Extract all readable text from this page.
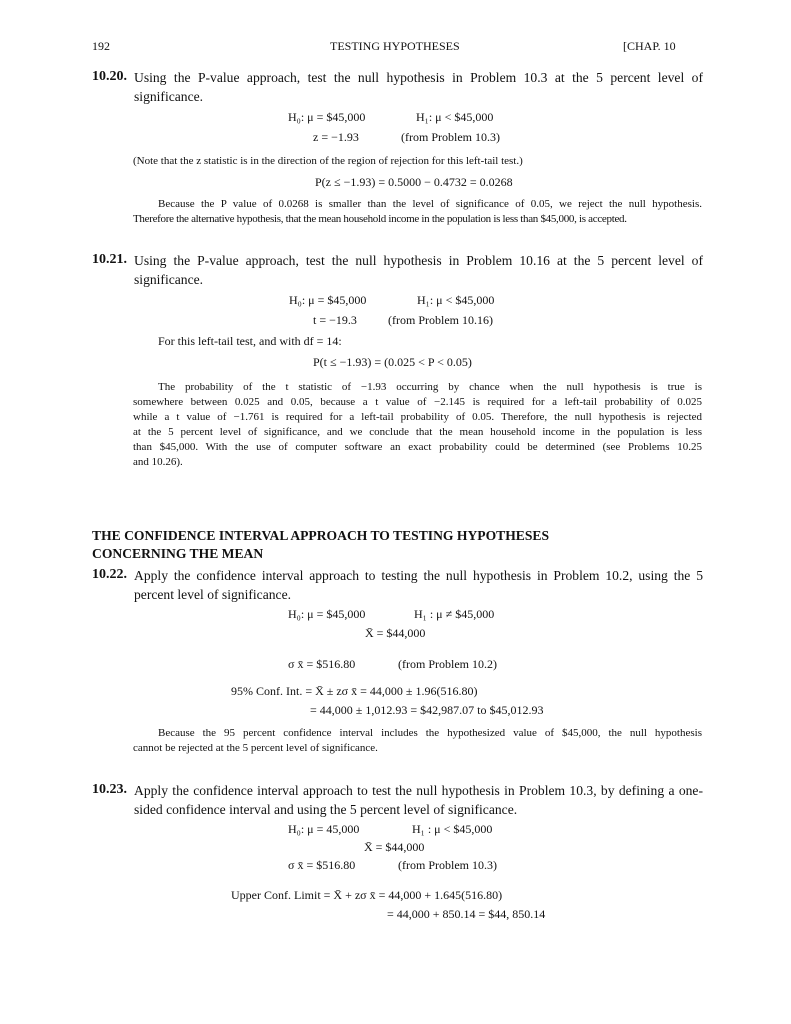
192	TESTING HYPOTHESES	[CHAP. 10
10.20. Using the P-value approach, test the null hypothesis in Problem 10.3 at the 5 percent level of
significance.
H₀: μ = $45,000	H₁: μ < $45,000
z = −1.93	(from Problem 10.3)
(Note that the z statistic is in the direction of the region of rejection for this left-tail test.)
P(z ≤ −1.93) = 0.5000 − 0.4732 = 0.0268
Because the P value of 0.0268 is smaller than the level of significance of 0.05, we reject the null hypothesis.
Therefore the alternative hypothesis, that the mean household income in the population is less than $45,000, is accepted.
10.21. Using the P-value approach, test the null hypothesis in Problem 10.16 at the 5 percent level of
significance.
H₀: μ = $45,000	H₁: μ < $45,000
t = −19.3	(from Problem 10.16)
For this left-tail test, and with df = 14:
P(t ≤ −1.93) = (0.025 < P < 0.05)
The probability of the t statistic of −1.93 occurring by chance when the null hypothesis is true is
somewhere between 0.025 and 0.05, because a t value of −2.145 is required for a left-tail probability of 0.025
while a t value of −1.761 is required for a left-tail probability of 0.05. Therefore, the null hypothesis is rejected
at the 5 percent level of significance, and we conclude that the mean household income in the population is less
than $45,000. With the use of computer software an exact probability could be determined (see Problems 10.25
and 10.26).
THE CONFIDENCE INTERVAL APPROACH TO TESTING HYPOTHESES
CONCERNING THE MEAN
10.22. Apply the confidence interval approach to testing the null hypothesis in Problem 10.2, using the 5
percent level of significance.
H₀: μ = $45,000	H₁ : μ ≠ $45,000
X̄ = $44,000
σ x̄ = $516.80	(from Problem 10.2)
95% Conf. Int. = X̄ ± zσ x̄ = 44,000 ± 1.96(516.80)
= 44,000 ± 1,012.93 = $42,987.07 to $45,012.93
Because the 95 percent confidence interval includes the hypothesized value of $45,000, the null hypothesis
cannot be rejected at the 5 percent level of significance.
10.23. Apply the confidence interval approach to test the null hypothesis in Problem 10.3, by defining a one-
sided confidence interval and using the 5 percent level of significance.
H₀: μ = 45,000	H₁ : μ < $45,000
X̄ = $44,000
σ x̄ = $516.80	(from Problem 10.3)
Upper Conf. Limit = X̄ + zσ x̄ = 44,000 + 1.645(516.80)
= 44,000 + 850.14 = $44, 850.14
